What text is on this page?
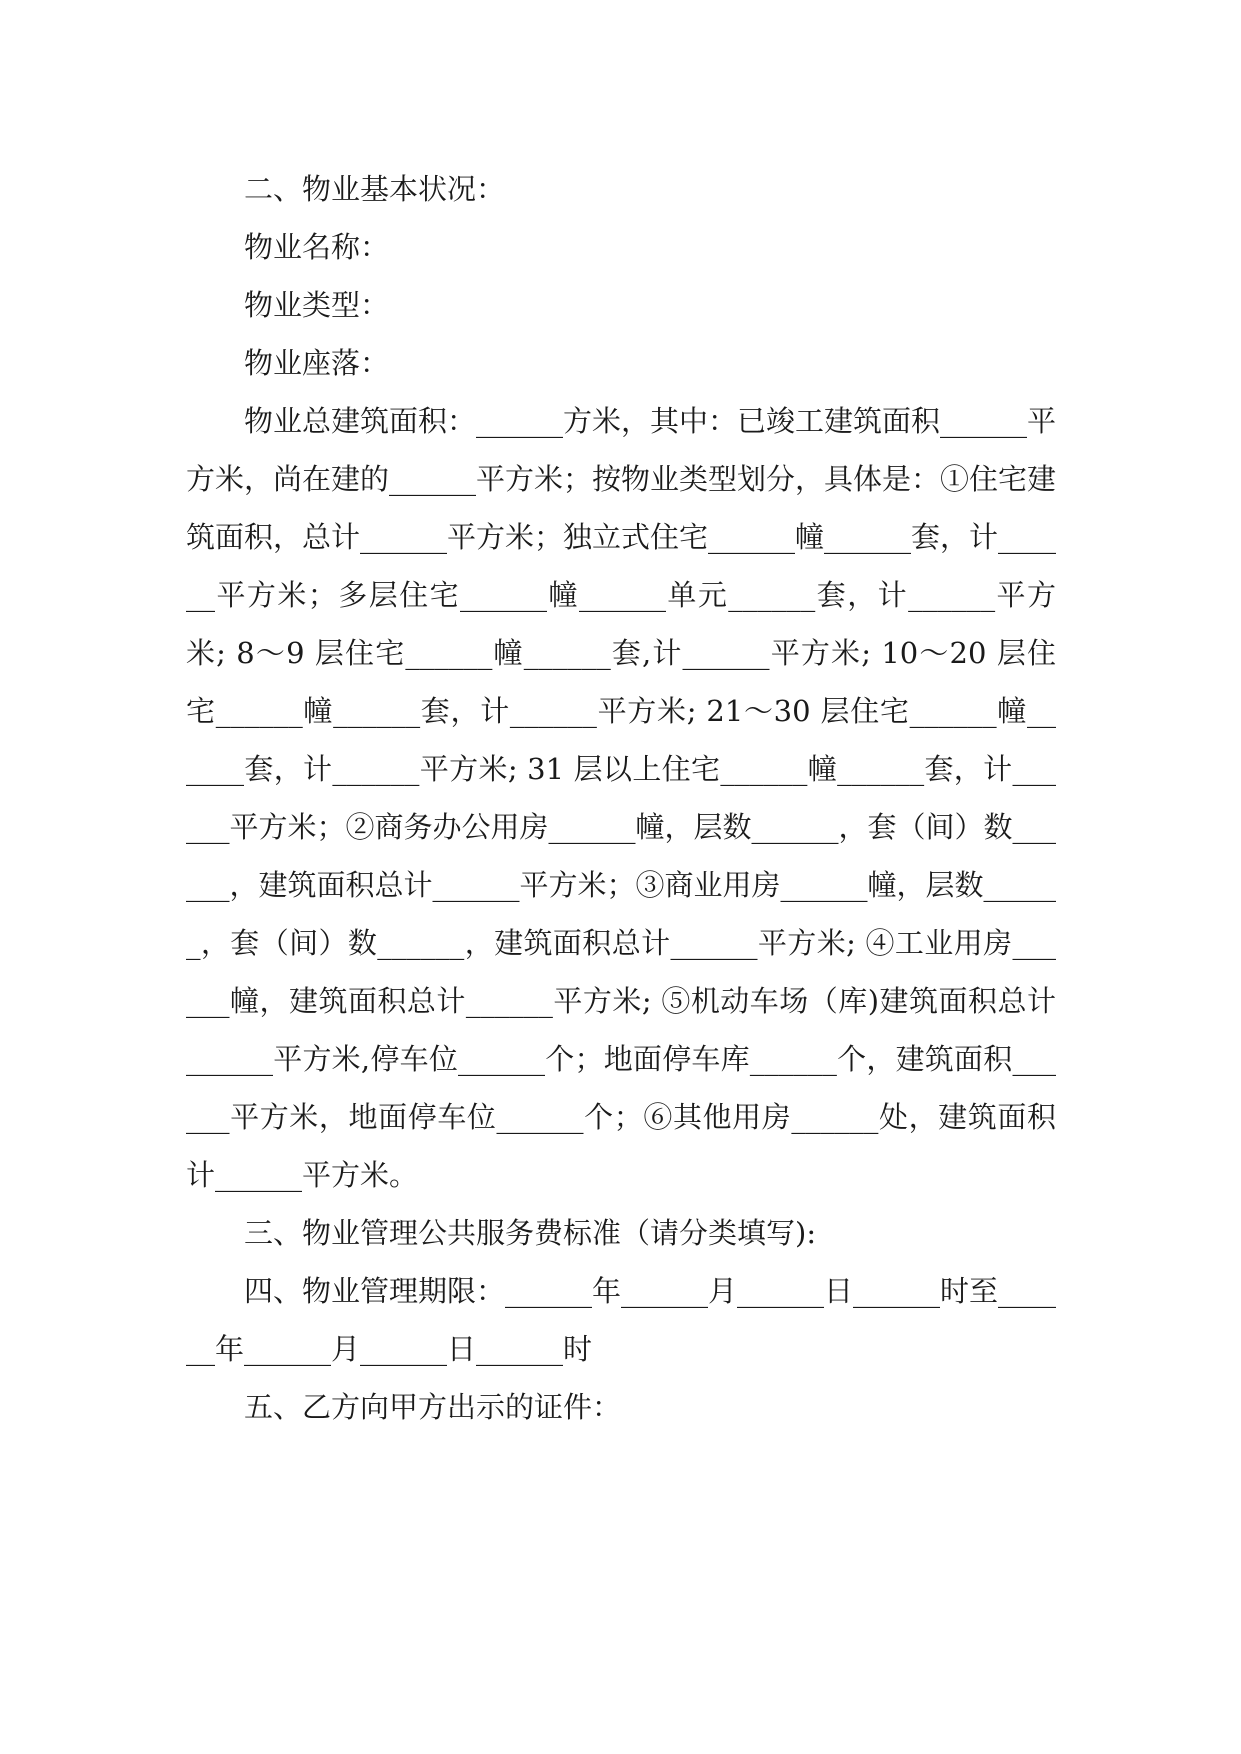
二、物业基本状况：

物业名称：

物业类型：

物业座落：

物业总建筑面积：______方米，其中：已竣工建筑面积______平方米，尚在建的______平方米；按物业类型划分，具体是：①住宅建筑面积，总计______平方米；独立式住宅______幢______套，计______平方米；多层住宅______幢______单元______套，计______平方米; 8～9 层住宅______幢______套,计______平方米; 10～20 层住宅______幢______套，计______平方米; 21～30 层住宅______幢______套，计______平方米; 31 层以上住宅______幢______套，计______平方米；②商务办公用房______幢，层数______，套（间）数______，建筑面积总计______平方米；③商业用房______幢，层数______，套（间）数______，建筑面积总计______平方米; ④工业用房______幢，建筑面积总计______平方米; ⑤机动车场（库)建筑面积总计______平方米,停车位______个；地面停车库______个，建筑面积______平方米，地面停车位______个；⑥其他用房______处，建筑面积计______平方米。

三、物业管理公共服务费标准（请分类填写):

四、物业管理期限：______年______月______日______时至______年______月______日______时

五、乙方向甲方出示的证件：
